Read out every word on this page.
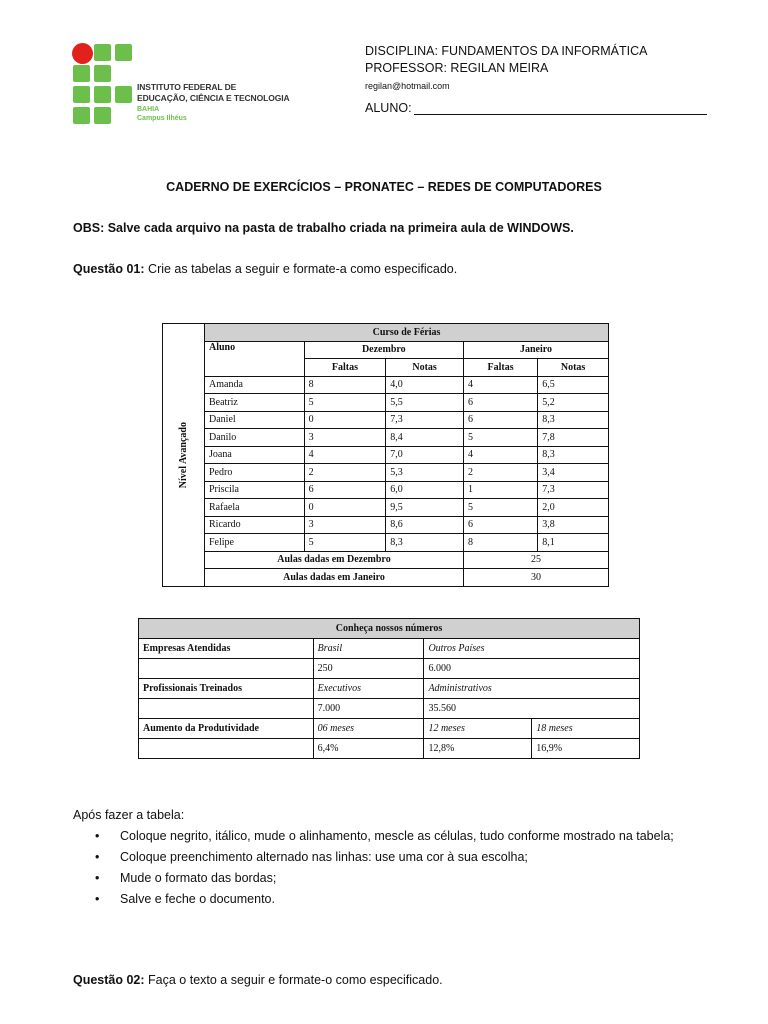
INSTITUTO FEDERAL DE
EDUCAÇÃO, CIÊNCIA E TECNOLOGIA
BAHIA
Campus Ilhéus
DISCIPLINA: FUNDAMENTOS DA INFORMÁTICA
PROFESSOR: REGILAN MEIRA
regilan@hotmail.com
ALUNO:
CADERNO DE EXERCÍCIOS – PRONATEC – REDES DE COMPUTADORES
OBS: Salve cada arquivo na pasta de trabalho criada na primeira aula de WINDOWS.
Questão 01: Crie as tabelas a seguir e formate-a como especificado.
Nível Avançado	Curso de Férias				
	Aluno	Dezembro		Janeiro	
		Faltas	Notas	Faltas	Notas
	Amanda	8	4,0	4	6,5
	Beatriz	5	5,5	6	5,2
	Daniel	0	7,3	6	8,3
	Danilo	3	8,4	5	7,8
	Joana	4	7,0	4	8,3
	Pedro	2	5,3	2	3,4
	Priscila	6	6,0	1	7,3
	Rafaela	0	9,5	5	2,0
	Ricardo	3	8,6	6	3,8
	Felipe	5	8,3	8	8,1
	Aulas dadas em Dezembro			25	
	Aulas dadas em Janeiro			30	
Conheça nossos números			
Empresas Atendidas	Brasil	Outros Países	
	250	6.000	
Profissionais Treinados	Executivos	Administrativos	
	7.000	35.560	
Aumento da Produtividade	06 meses	12 meses	18 meses
	6,4%	12,8%	16,9%
Após fazer a tabela:
• Coloque negrito, itálico, mude o alinhamento, mescle as células, tudo conforme mostrado na tabela;
• Coloque preenchimento alternado nas linhas: use uma cor à sua escolha;
• Mude o formato das bordas;
• Salve e feche o documento.
Questão 02: Faça o texto a seguir e formate-o como especificado.
